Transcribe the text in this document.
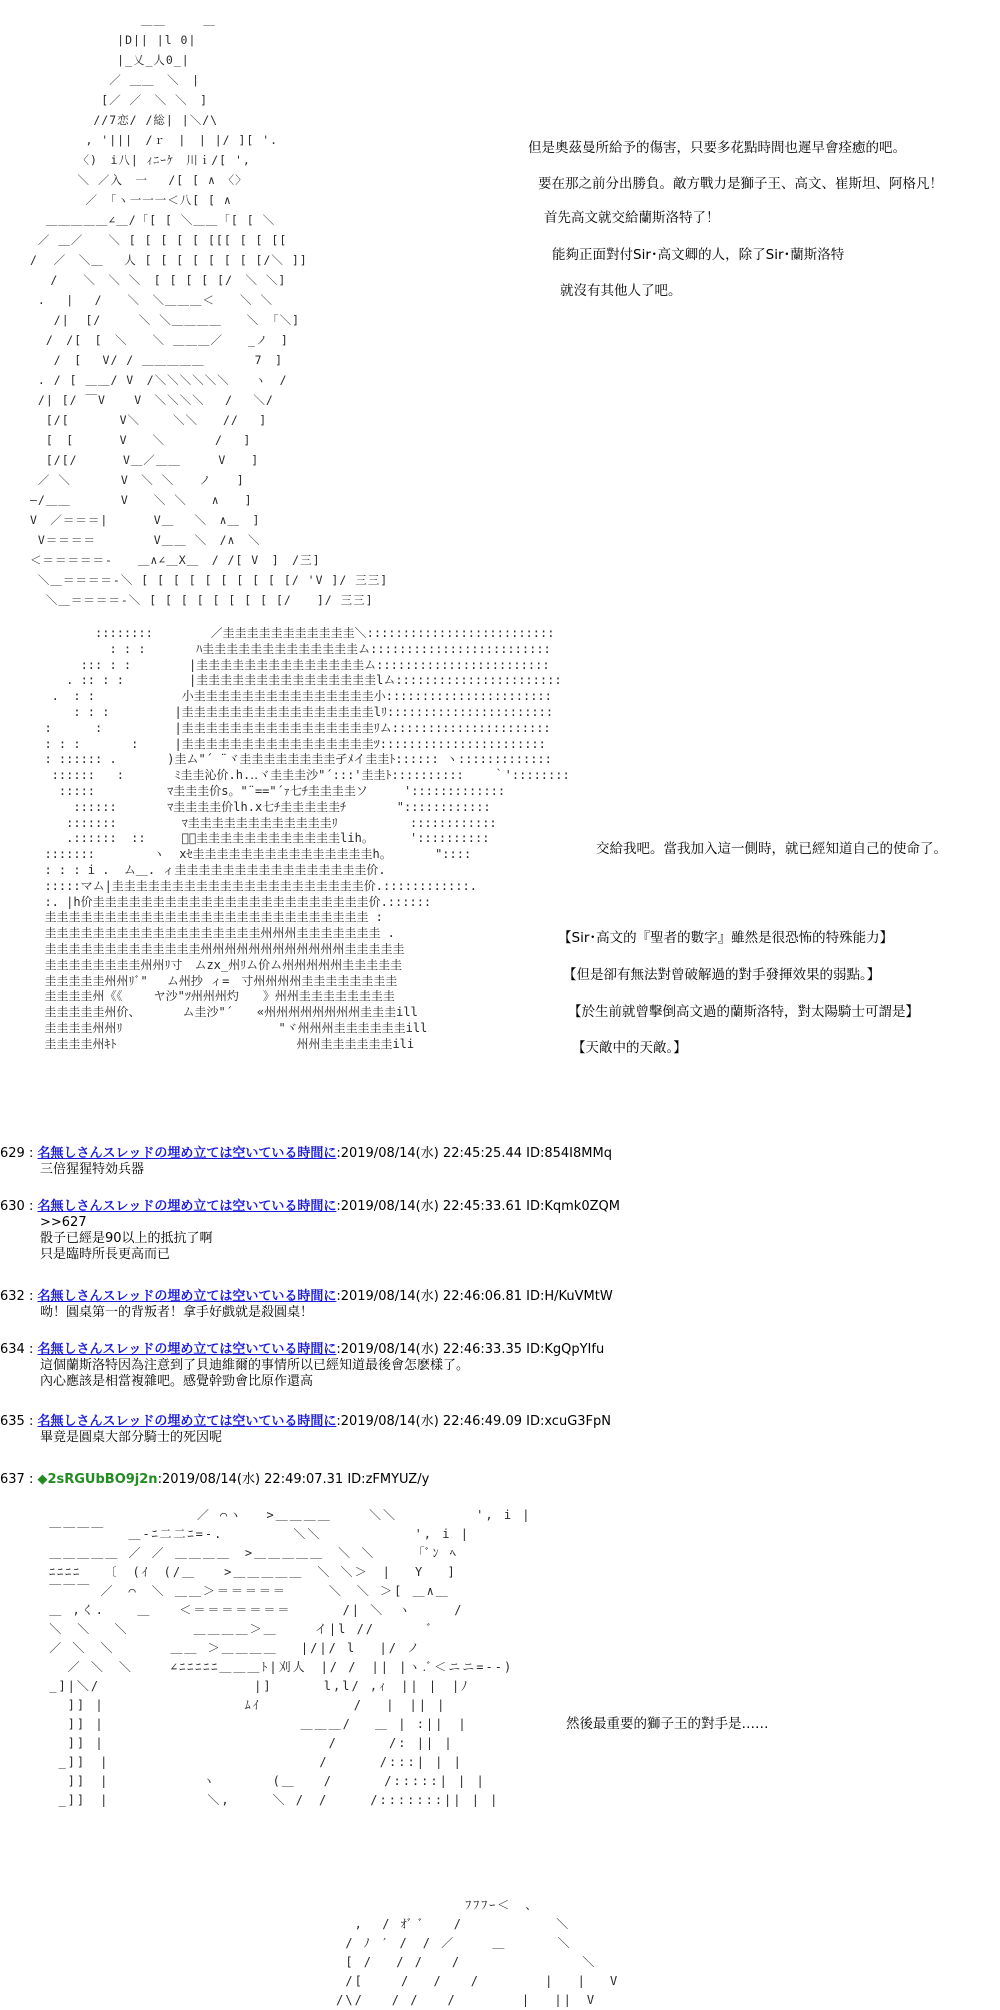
＿＿　　　＿
|D|| |l 0|
|_乂_人0_|
／ ＿＿　＼　|
[／ ／　＼ ＼　]
//7恋/ /総| |＼/\
, '|||　/ｒ　|　| |/ ][ '.
〈)　i八| ｨﾆｰｹ　川ｉ/[ ',
＼ ／入　一　 /[ [ ∧　〈〉
／　「ヽ一一一＜八[ [ ∧
＿＿＿＿＿∠＿/「[ [ ＼＿＿「[ [ ＼
／ ＿／　　＼ [ [ [ [ [ [[[ [ [ [[
/  ／　＼＿　 人 [ [ [ [ [ [ [ [/＼ ]]
　 /　　＼　＼ ＼　[ [ [ [ [/　＼ ＼]
.　 |　 /　　＼　＼＿＿＿＜　　＼ ＼
/|  [/　　　＼ ＼＿＿＿＿　　＼ 「＼]
/　/[　[　＼　　＼ ＿＿＿／　　_ノ　]
/　[　 V/ / ＿＿＿＿＿　　　　7　]
. / [ ＿＿/ V　/＼＼＼＼＼＼　　ヽ　/
/| [/ ￣V 　 V　＼＼＼＼　 /　 ＼/
[/[　　　　V＼　　 ＼＼　　//　 ]
[　[　　　 V　　＼　　　　/　 ]
[/[/　　　 V＿／＿＿　　　V　　]
／ ＼　　　　V　＼ ＼　　ノ　　]
―/＿＿　　　　V　　＼ ＼　　∧　　]
V　／＝＝＝|　　　 V＿　 ＼　∧＿　]
V＝＝＝＝　　　　 V＿＿ ＼　/∧　＼
＜＝＝＝＝＝-　　＿∧∠＿X＿　/ /[ V　]　/三]
＼＿＝＝＝＝-＼ [ [ [ [ [ [ [ [ [ [/ 'V ]/ 三三]
＼＿＝＝＝＝-＼ [ [ [ [ [ [ [ [ [/　　]/ 三三]
但是奧茲曼所給予的傷害，只要多花點時間也遲早會痊癒的吧。
要在那之前分出勝負。敵方戰力是獅子王、高文、崔斯坦、阿格凡！
首先高文就交給蘭斯洛特了！
能夠正面對付Sir･高文卿的人，除了Sir･蘭斯洛特
就沒有其他人了吧。
::::::::        ／圭圭圭圭圭圭圭圭圭圭圭＼::::::::::::::::::::::::::
: : :       ﾊ圭圭圭圭圭圭圭圭圭圭圭圭圭ム:::::::::::::::::::::::::
::: : :        |圭圭圭圭圭圭圭圭圭圭圭圭圭圭ム::::::::::::::::::::::::
. :: : :         |圭圭圭圭圭圭圭圭圭圭圭圭圭圭圭lム:::::::::::::::::::::::
.  : :            小圭圭圭圭圭圭圭圭圭圭圭圭圭圭圭小:::::::::::::::::::::::
: : :         |圭圭圭圭圭圭圭圭圭圭圭圭圭圭圭圭lﾘ:::::::::::::::::::::::
:      :          |圭圭圭圭圭圭圭圭圭圭圭圭圭圭圭圭ﾘム::::::::::::::::::::::
: : :       :     |圭圭圭圭圭圭圭圭圭圭圭圭圭圭圭圭ﾂ:::::::::::::::::::::::
: :::::: .       )圭ム"´ ¨ヾ圭圭圭圭圭圭圭圭孑ﾒイ圭圭ﾄ:::::: ヽ:::::::::::::
::::::   :       ﾐ圭圭沁价.h.‥ヾ圭圭圭沙"´:::'圭圭ﾄ::::::::::    ｀'::::::::
:::::          ﾏ圭圭圭价s。"¨=="´ｧ七ﾁ圭圭圭圭ソ     ':::::::::::::
::::::       ﾏ圭圭圭圭价lh.x七ﾁ圭圭圭圭圭ﾁ       "::::::::::::
:::::::         ﾏ圭圭圭圭圭圭圭圭圭圭圭圭ﾘ          ::::::::::::
.::::::  ::     ﾞ》圭圭圭圭圭圭圭圭圭圭圭圭lih。     '::::::::::
:::::::        ヽ  xｾ圭圭圭圭圭圭圭圭圭圭圭圭圭圭圭h。      "::::
: : : i .  ム＿. ィ圭圭圭圭圭圭圭圭圭圭圭圭圭圭圭圭价.
:::::マム|圭圭圭圭圭圭圭圭圭圭圭圭圭圭圭圭圭圭圭圭圭价.::::::::::::.
:. |h价圭圭圭圭圭圭圭圭圭圭圭圭圭圭圭圭圭圭圭圭圭圭圭价.::::::
圭圭圭圭圭圭圭圭圭圭圭圭圭圭圭圭圭圭圭圭圭圭圭圭圭圭圭 :
圭圭圭圭圭圭圭圭圭圭圭圭圭圭圭圭圭圭州州州圭圭圭圭圭圭圭 .
圭圭圭圭圭圭圭圭圭圭圭圭圭州州州州州州州州州州州州圭圭圭圭圭
圭圭圭圭圭圭圭圭州州ﾘ寸　ムzx_州ﾘム价ム州州州州州圭圭圭圭圭
圭圭圭圭圭州州ﾘﾞ"　 ム州抄 ィ=　寸州州州州圭圭圭圭圭圭圭圭
圭圭圭圭州《《　　 ヤ沙"ﾂ州州州灼　　》州州圭圭圭圭圭圭圭圭
圭圭圭圭圭州价、　　　　ム圭沙"´　　«州州州州州州州州圭圭圭ill
圭圭圭圭州州ﾘ　　　　　　　　　　　　　"ヾ州州州圭圭圭圭圭圭ill
圭圭圭圭州ｷﾄ　　　　　　　　　　　　　　　州州圭圭圭圭圭圭ili
交給我吧。當我加入這一側時，就已經知道自己的使命了。
【Sir･高文的『聖者的數字』雖然是很恐怖的特殊能力】
【但是卻有無法對曾破解過的對手發揮效果的弱點。】
【於生前就曾擊倒高文過的蘭斯洛特，對太陽騎士可謂是】
【天敵中的天敵。】
629 : 名無しさんスレッドの埋め立ては空いている時間に:2019/08/14(水) 22:45:25.44 ID:854I8MMq
三倍猩猩特効兵器
630 : 名無しさんスレッドの埋め立ては空いている時間に:2019/08/14(水) 22:45:33.61 ID:Kqmk0ZQM
>>627
骰子已經是90以上的抵抗了啊
只是臨時所長更高而已
632 : 名無しさんスレッドの埋め立ては空いている時間に:2019/08/14(水) 22:46:06.81 ID:H/KuVMtW
呦！圓桌第一的背叛者！拿手好戲就是殺圓桌！
634 : 名無しさんスレッドの埋め立ては空いている時間に:2019/08/14(水) 22:46:33.35 ID:KgQpYIfu
這個蘭斯洛特因為注意到了貝迪維爾的事情所以已經知道最後會怎麽樣了。
內心應該是相當複雜吧。感覺幹勁會比原作還高
635 : 名無しさんスレッドの埋め立ては空いている時間に:2019/08/14(水) 22:46:49.09 ID:xcuG3FpN
畢竟是圓桌大部分騎士的死因呢
637 : ◆2sRGUbBO9j2n:2019/08/14(水) 22:49:07.31 ID:zFMYUZ/y
／ ⌒ヽ　 >＿＿＿＿　　 ＼＼　　　　　 ', i |
￣￣￣￣　 ＿-ﾆ二二ﾆ=-.　　　　　＼＼　　　　　　 ', i |
＿＿＿＿＿ ／ ／ ＿＿＿＿　>＿＿＿＿＿　＼ ＼　　 「ﾞﾝ ﾍ
ﾆﾆﾆﾆ　 〔　(ｲ　(/＿　　>＿＿＿＿＿　＼ ＼＞　|　 Y　 ]
￣￣￣ ／　⌒　＼ ＿＿＞＝＝＝＝＝　　　＼　＼ ＞[ ＿∧＿
＿ ,く. 　 ＿　　＜＝＝＝＝＝＝＝　　　 /| ＼　ヽ　　　/
＼　＼　 ＼　　　　 ＿＿＿＿＞＿　　 イ|l //　　　 ﾞ
／ ＼　＼　　　　＿＿ ＞＿＿＿＿　 |/|/ l　 |/ ノ
／ ＼　＼　　 ∠ﾆﾆﾆﾆﾆ＿＿＿ﾄ|刈人　|/ /　|| |ヽ.ﾞ＜ニニ=--)
_]|＼/　　　　　　　　　　　|]　　　 l,l/ ,ｨ　|| |　|ﾉ
]] |　　　　　　　　　　ﾑｲ　　　　　　 /　 |　|| |
]] |　　　　　　　　　　　　　　＿＿＿/　 ＿ | :||　|
]] |　　　　　　　　　　　　　　　　/　　　 /: || |
_]]　|　　　　　　　　　　　　　　　/　　　 /:::| | |
]]　|　　　　　　 ヽ　　　　(＿　　/　　　 /:::::| | |
_]]　|　　　　　　　＼,　　　＼ /　/　　　/:::::::|| | |
然後最重要的獅子王的對手是……
ﾌﾌﾌｰ＜　、
,  / ｵﾞ ﾞ　　/　　　　　　 ＼
/ ﾉ ′ /　/ ／　　 ＿　　　 ＼
[ /　 / /　　/　　　　　　　　 ＼　
/[　　 /　 /　　/　　　　 |　 |　 V
/\/　　/ /　　/　　　　 |　 ||　V
